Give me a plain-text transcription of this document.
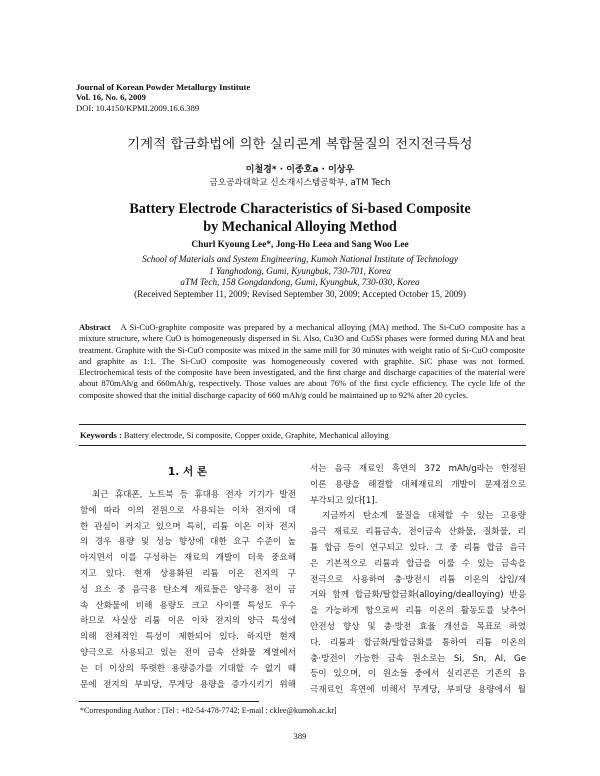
Journal of Korean Powder Metallurgy Institute
Vol. 16, No. 6, 2009
DOI: 10.4150/KPMI.2009.16.6.389
기계적 합금화법에 의한 실리콘계 복합물질의 전지전극특성
이철경* · 이종호a · 이상우
금오공과대학교 신소재시스템공학부, aTM Tech
Battery Electrode Characteristics of Si-based Composite
by Mechanical Alloying Method
Churl Kyoung Lee*, Jong-Ho Leea and Sang Woo Lee
School of Materials and System Engineering, Kumoh National Institute of Technology
1 Yanghodong, Gumi, Kyungbuk, 730-701, Korea
aTM Tech, 158 Gongdandong, Gumi, Kyungbuk, 730-030, Korea
(Received September 11, 2009; Revised September 30, 2009; Accepted October 15, 2009)
Abstract A Si-CuO-graphite composite was prepared by a mechanical alloying (MA) method. The Si-CuO composite has a mixture structure, where CuO is homogeneously dispersed in Si. Also, Cu3O and Cu5Si phases were formed during MA and heat treatment. Graphite with the Si-CuO composite was mixed in the same mill for 30 minutes with weight ratio of Si-CuO composite and graphite as 1:1. The Si-CuO composite was homogeneously covered with graphite. SiC phase was not formed. Electrochemical tests of the composite have been investigated, and the first charge and discharge capacities of the material were about 870mAh/g and 660mAh/g, respectively. Those values are about 76% of the first cycle efficiency. The cycle life of the composite showed that the initial discharge capacity of 660 mAh/g could be maintained up to 92% after 20 cycles.
Keywords : Battery electrode, Si composite, Copper oxide, Graphite, Mechanical alloying
1. 서 론

최근 휴대폰, 노트북 등 휴대용 전자 기기가 발전

함에 따라 이의 전원으로 사용되는 이차 전지에 대

한 관심이 커지고 있으며 특히, 리튬 이온 이차 전지

의 경우 용량 및 성능 향상에 대한 요구 수준이 높

아지면서 이를 구성하는 재료의 개발이 더욱 중요해

지고 있다. 현재 상용화된 리튬 이온 전지의 구

성 요소 중 음극용 탄소계 재료들은 양극용 전이 금

속 산화물에 비해 용량도 크고 사이클 특성도 우수

하므로 사실상 리튬 이온 이차 전지의 양극 특성에

의해 전체적인 특성이 제한되어 있다. 하지만 현재

양극으로 사용되고 있는 전이 금속 산화물 계열에서

는 더 이상의 뚜렷한 용량증가를 기대할 수 없기 때

문에 전지의 부피당, 무게당 용량을 증가시키기 위해

서는 음극 재료인 흑연의 372 mAh/g라는 한정된

이론 용량을 해결할 대체재료의 개발이 문제점으로

부각되고 있다[1].

지금까지 탄소계 물질을 대체할 수 있는 고용량

음극 재료로 리튬금속, 전이금속 산화물, 질화물, 리

튬 합금 등이 연구되고 있다. 그 중 리튬 합금 음극

은 기본적으로 리튬과 합금을 이룰 수 있는 금속을

전극으로 사용하여 충·방전시 리튬 이온의 삽입/제

거와 함께 합금화/탈합금화(alloying/dealloying) 반응

을 가능하게 함으로써 리튬 이온의 활동도를 낮추어

안전성 향상 및 충·방전 효율 개선을 목표로 하였

다. 리튬과 합금화/탈합금화를 통하여 리튬 이온의

충·방전이 가능한 금속 원소로는 Si, Sn, Al, Ge

등이 있으며, 이 원소들 중에서 실리콘은 기존의 음

극재료인 흑연에 비해서 무게당, 부피당 용량에서 월

*Corresponding Author : [Tel : +82-54-478-7742; E-mail : cklee@kumoh.ac.kr]
389
